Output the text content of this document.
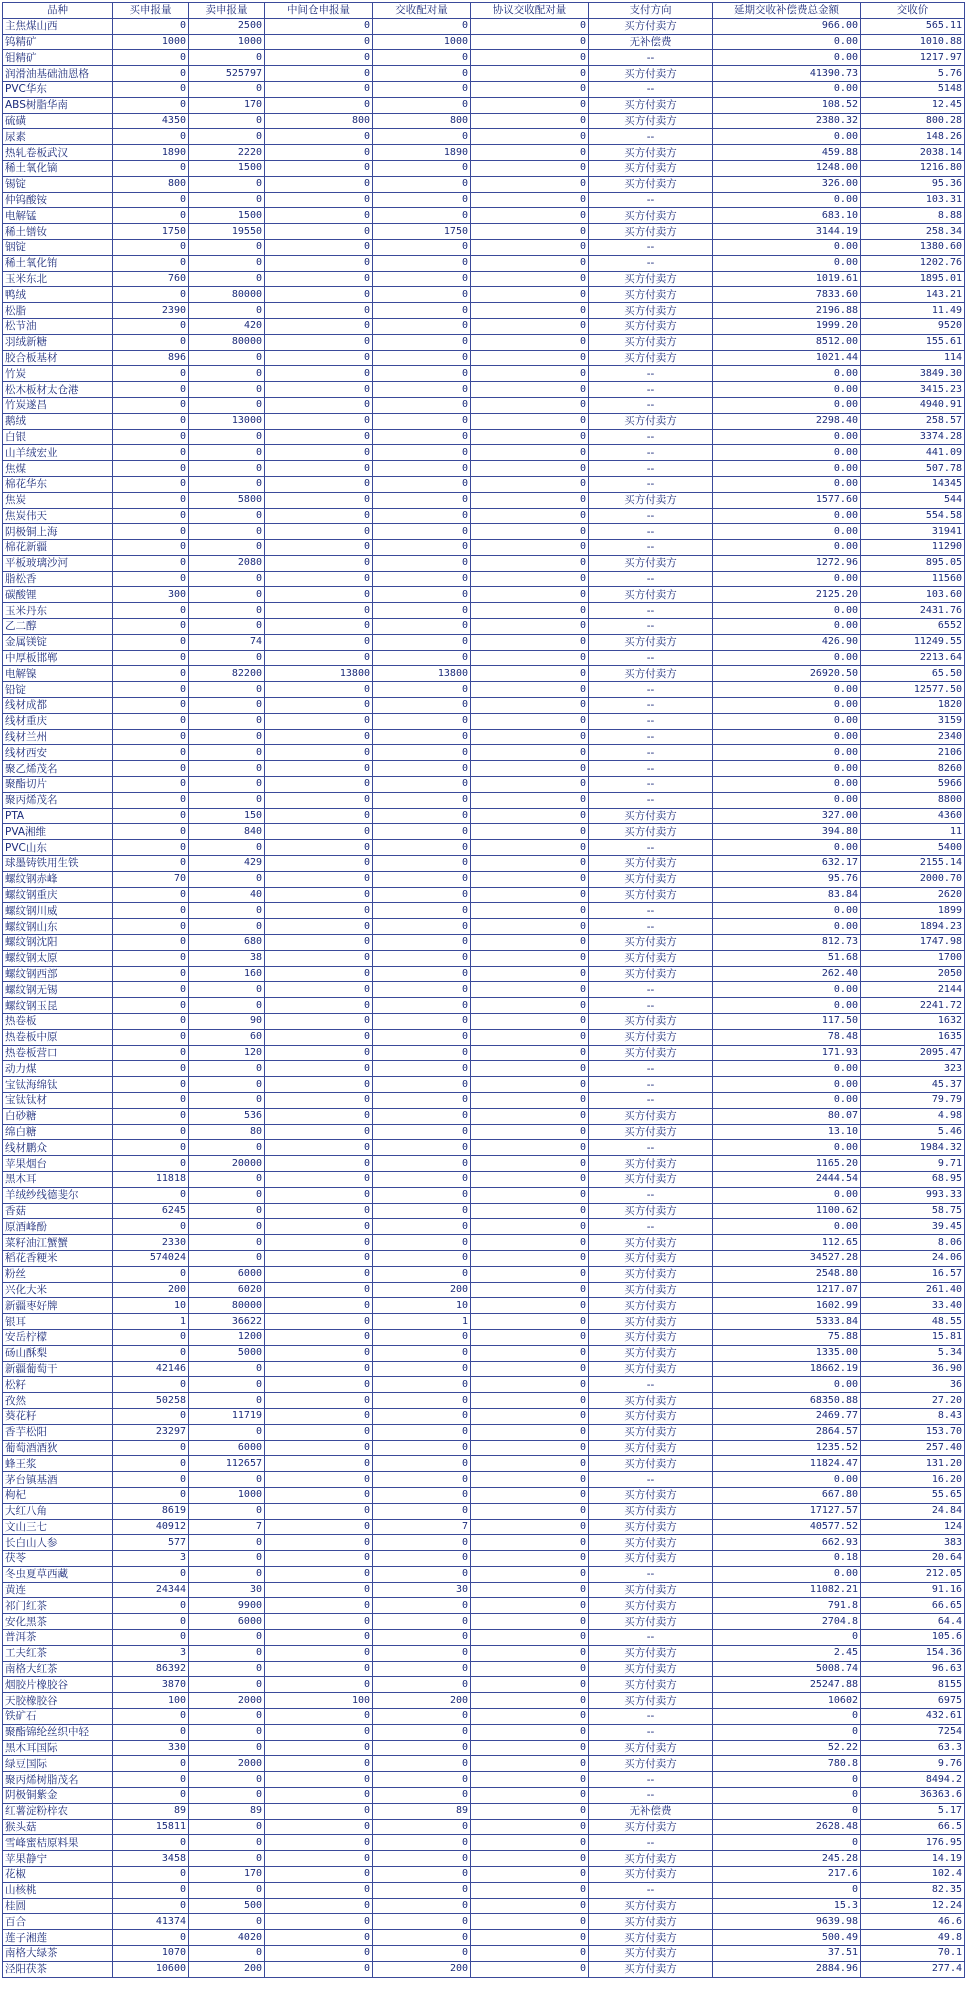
品种	买申报量	卖申报量	中间仓申报量	交收配对量	协议交收配对量	支付方向	延期交收补偿费总金额	交收价
主焦煤山西	0	2500	0	0	0	买方付卖方	966.00	565.11
钨精矿	1000	1000	0	1000	0	无补偿费	0.00	1010.88
钼精矿	0	0	0	0	0	--	0.00	1217.97
润滑油基础油恩格	0	525797	0	0	0	买方付卖方	41390.73	5.76
PVC华东	0	0	0	0	0	--	0.00	5148
ABS树脂华南	0	170	0	0	0	买方付卖方	108.52	12.45
硫磺	4350	0	800	800	0	买方付卖方	2380.32	800.28
尿素	0	0	0	0	0	--	0.00	148.26
热轧卷板武汉	1890	2220	0	1890	0	买方付卖方	459.88	2038.14
稀土氧化镝	0	1500	0	0	0	买方付卖方	1248.00	1216.80
锡锭	800	0	0	0	0	买方付卖方	326.00	95.36
仲钨酸铵	0	0	0	0	0	--	0.00	103.31
电解锰	0	1500	0	0	0	买方付卖方	683.10	8.88
稀土镨钕	1750	19550	0	1750	0	买方付卖方	3144.19	258.34
铟锭	0	0	0	0	0	--	0.00	1380.60
稀土氧化铕	0	0	0	0	0	--	0.00	1202.76
玉米东北	760	0	0	0	0	买方付卖方	1019.61	1895.01
鸭绒	0	80000	0	0	0	买方付卖方	7833.60	143.21
松脂	2390	0	0	0	0	买方付卖方	2196.88	11.49
松节油	0	420	0	0	0	买方付卖方	1999.20	9520
羽绒新糖	0	80000	0	0	0	买方付卖方	8512.00	155.61
胶合板基材	896	0	0	0	0	买方付卖方	1021.44	114
竹炭	0	0	0	0	0	--	0.00	3849.30
松木板材太仓港	0	0	0	0	0	--	0.00	3415.23
竹炭遂昌	0	0	0	0	0	--	0.00	4940.91
鹅绒	0	13000	0	0	0	买方付卖方	2298.40	258.57
白银	0	0	0	0	0	--	0.00	3374.28
山羊绒宏业	0	0	0	0	0	--	0.00	441.09
焦煤	0	0	0	0	0	--	0.00	507.78
棉花华东	0	0	0	0	0	--	0.00	14345
焦炭	0	5800	0	0	0	买方付卖方	1577.60	544
焦炭伟天	0	0	0	0	0	--	0.00	554.58
阴极铜上海	0	0	0	0	0	--	0.00	31941
棉花新疆	0	0	0	0	0	--	0.00	11290
平板玻璃沙河	0	2080	0	0	0	买方付卖方	1272.96	895.05
脂松香	0	0	0	0	0	--	0.00	11560
碳酸锂	300	0	0	0	0	买方付卖方	2125.20	103.60
玉米丹东	0	0	0	0	0	--	0.00	2431.76
乙二醇	0	0	0	0	0	--	0.00	6552
金属镁锭	0	74	0	0	0	买方付卖方	426.90	11249.55
中厚板邯郸	0	0	0	0	0	--	0.00	2213.64
电解镍	0	82200	13800	13800	0	买方付卖方	26920.50	65.50
铅锭	0	0	0	0	0	--	0.00	12577.50
线材成都	0	0	0	0	0	--	0.00	1820
线材重庆	0	0	0	0	0	--	0.00	3159
线材兰州	0	0	0	0	0	--	0.00	2340
线材西安	0	0	0	0	0	--	0.00	2106
聚乙烯茂名	0	0	0	0	0	--	0.00	8260
聚酯切片	0	0	0	0	0	--	0.00	5966
聚丙烯茂名	0	0	0	0	0	--	0.00	8800
PTA	0	150	0	0	0	买方付卖方	327.00	4360
PVA湘维	0	840	0	0	0	买方付卖方	394.80	11
PVC山东	0	0	0	0	0	--	0.00	5400
球墨铸铁用生铁	0	429	0	0	0	买方付卖方	632.17	2155.14
螺纹钢赤峰	70	0	0	0	0	买方付卖方	95.76	2000.70
螺纹钢重庆	0	40	0	0	0	买方付卖方	83.84	2620
螺纹钢川威	0	0	0	0	0	--	0.00	1899
螺纹钢山东	0	0	0	0	0	--	0.00	1894.23
螺纹钢沈阳	0	680	0	0	0	买方付卖方	812.73	1747.98
螺纹钢太原	0	38	0	0	0	买方付卖方	51.68	1700
螺纹钢西部	0	160	0	0	0	买方付卖方	262.40	2050
螺纹钢无锡	0	0	0	0	0	--	0.00	2144
螺纹钢玉昆	0	0	0	0	0	--	0.00	2241.72
热卷板	0	90	0	0	0	买方付卖方	117.50	1632
热卷板中原	0	60	0	0	0	买方付卖方	78.48	1635
热卷板营口	0	120	0	0	0	买方付卖方	171.93	2095.47
动力煤	0	0	0	0	0	--	0.00	323
宝钛海绵钛	0	0	0	0	0	--	0.00	45.37
宝钛钛材	0	0	0	0	0	--	0.00	79.79
白砂糖	0	536	0	0	0	买方付卖方	80.07	4.98
绵白糖	0	80	0	0	0	买方付卖方	13.10	5.46
线材鹏众	0	0	0	0	0	--	0.00	1984.32
苹果烟台	0	20000	0	0	0	买方付卖方	1165.20	9.71
黑木耳	11818	0	0	0	0	买方付卖方	2444.54	68.95
羊绒纱线德斐尔	0	0	0	0	0	--	0.00	993.33
香菇	6245	0	0	0	0	买方付卖方	1100.62	58.75
原酒峰酚	0	0	0	0	0	--	0.00	39.45
菜籽油江蟹蟹	2330	0	0	0	0	买方付卖方	112.65	8.06
稻花香粳米	574024	0	0	0	0	买方付卖方	34527.28	24.06
粉丝	0	6000	0	0	0	买方付卖方	2548.80	16.57
兴化大米	200	6020	0	200	0	买方付卖方	1217.07	261.40
新疆枣好牌	10	80000	0	10	0	买方付卖方	1602.99	33.40
银耳	1	36622	0	1	0	买方付卖方	5333.84	48.55
安岳柠檬	0	1200	0	0	0	买方付卖方	75.88	15.81
砀山酥梨	0	5000	0	0	0	买方付卖方	1335.00	5.34
新疆葡萄干	42146	0	0	0	0	买方付卖方	18662.19	36.90
松籽	0	0	0	0	0	--	0.00	36
孜然	50258	0	0	0	0	买方付卖方	68350.88	27.20
葵花籽	0	11719	0	0	0	买方付卖方	2469.77	8.43
香芋松阳	23297	0	0	0	0	买方付卖方	2864.57	153.70
葡萄酒酒狄	0	6000	0	0	0	买方付卖方	1235.52	257.40
蜂王浆	0	112657	0	0	0	买方付卖方	11824.47	131.20
茅台镇基酒	0	0	0	0	0	--	0.00	16.20
枸杞	0	1000	0	0	0	买方付卖方	667.80	55.65
大红八角	8619	0	0	0	0	买方付卖方	17127.57	24.84
文山三七	40912	7	0	7	0	买方付卖方	40577.52	124
长白山人参	577	0	0	0	0	买方付卖方	662.93	383
茯苓	3	0	0	0	0	买方付卖方	0.18	20.64
冬虫夏草西藏	0	0	0	0	0	--	0.00	212.05
黄连	24344	30	0	30	0	买方付卖方	11082.21	91.16
祁门红茶	0	9900	0	0	0	买方付卖方	791.8	66.65
安化黑茶	0	6000	0	0	0	买方付卖方	2704.8	64.4
普洱茶	0	0	0	0	0	--	0	105.6
工夫红茶	3	0	0	0	0	买方付卖方	2.45	154.36
南格大红茶	86392	0	0	0	0	买方付卖方	5008.74	96.63
烟胶片橡胶谷	3870	0	0	0	0	买方付卖方	25247.88	8155
天胶橡胶谷	100	2000	100	200	0	买方付卖方	10602	6975
铁矿石	0	0	0	0	0	--	0	432.61
聚酯锦纶丝织中轻	0	0	0	0	0	--	0	7254
黑木耳国际	330	0	0	0	0	买方付卖方	52.22	63.3
绿豆国际	0	2000	0	0	0	买方付卖方	780.8	9.76
聚丙烯树脂茂名	0	0	0	0	0	--	0	8494.2
阴极铜紫金	0	0	0	0	0	--	0	36363.6
红薯淀粉梓农	89	89	0	89	0	无补偿费	0	5.17
猴头菇	15811	0	0	0	0	买方付卖方	2628.48	66.5
雪峰蜜桔原料果	0	0	0	0	0	--	0	176.95
苹果静宁	3458	0	0	0	0	买方付卖方	245.28	14.19
花椒	0	170	0	0	0	买方付卖方	217.6	102.4
山核桃	0	0	0	0	0	--	0	82.35
桂圆	0	500	0	0	0	买方付卖方	15.3	12.24
百合	41374	0	0	0	0	买方付卖方	9639.98	46.6
莲子湘莲	0	4020	0	0	0	买方付卖方	500.49	49.8
南格大绿茶	1070	0	0	0	0	买方付卖方	37.51	70.1
泾阳茯茶	10600	200	0	200	0	买方付卖方	2884.96	277.4
